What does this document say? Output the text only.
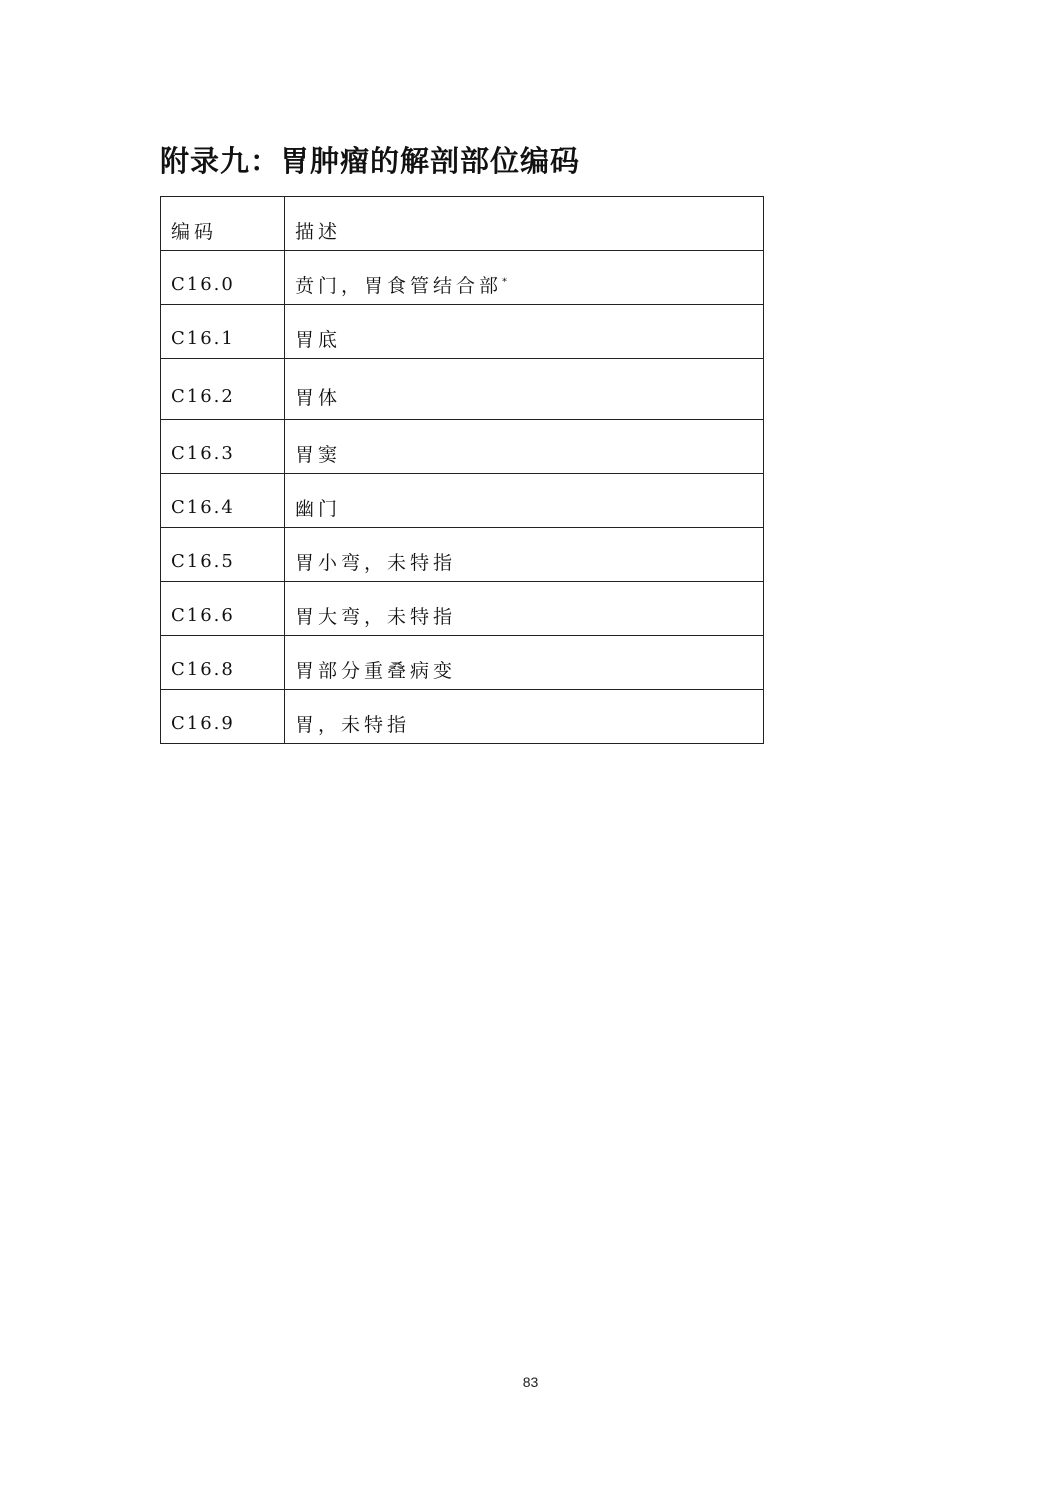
附录九：胃肿瘤的解剖部位编码
编码	描述
C16.0	贲门，胃食管结合部*
C16.1	胃底
C16.2	胃体
C16.3	胃窦
C16.4	幽门
C16.5	胃小弯，未特指
C16.6	胃大弯，未特指
C16.8	胃部分重叠病变
C16.9	胃，未特指
83
